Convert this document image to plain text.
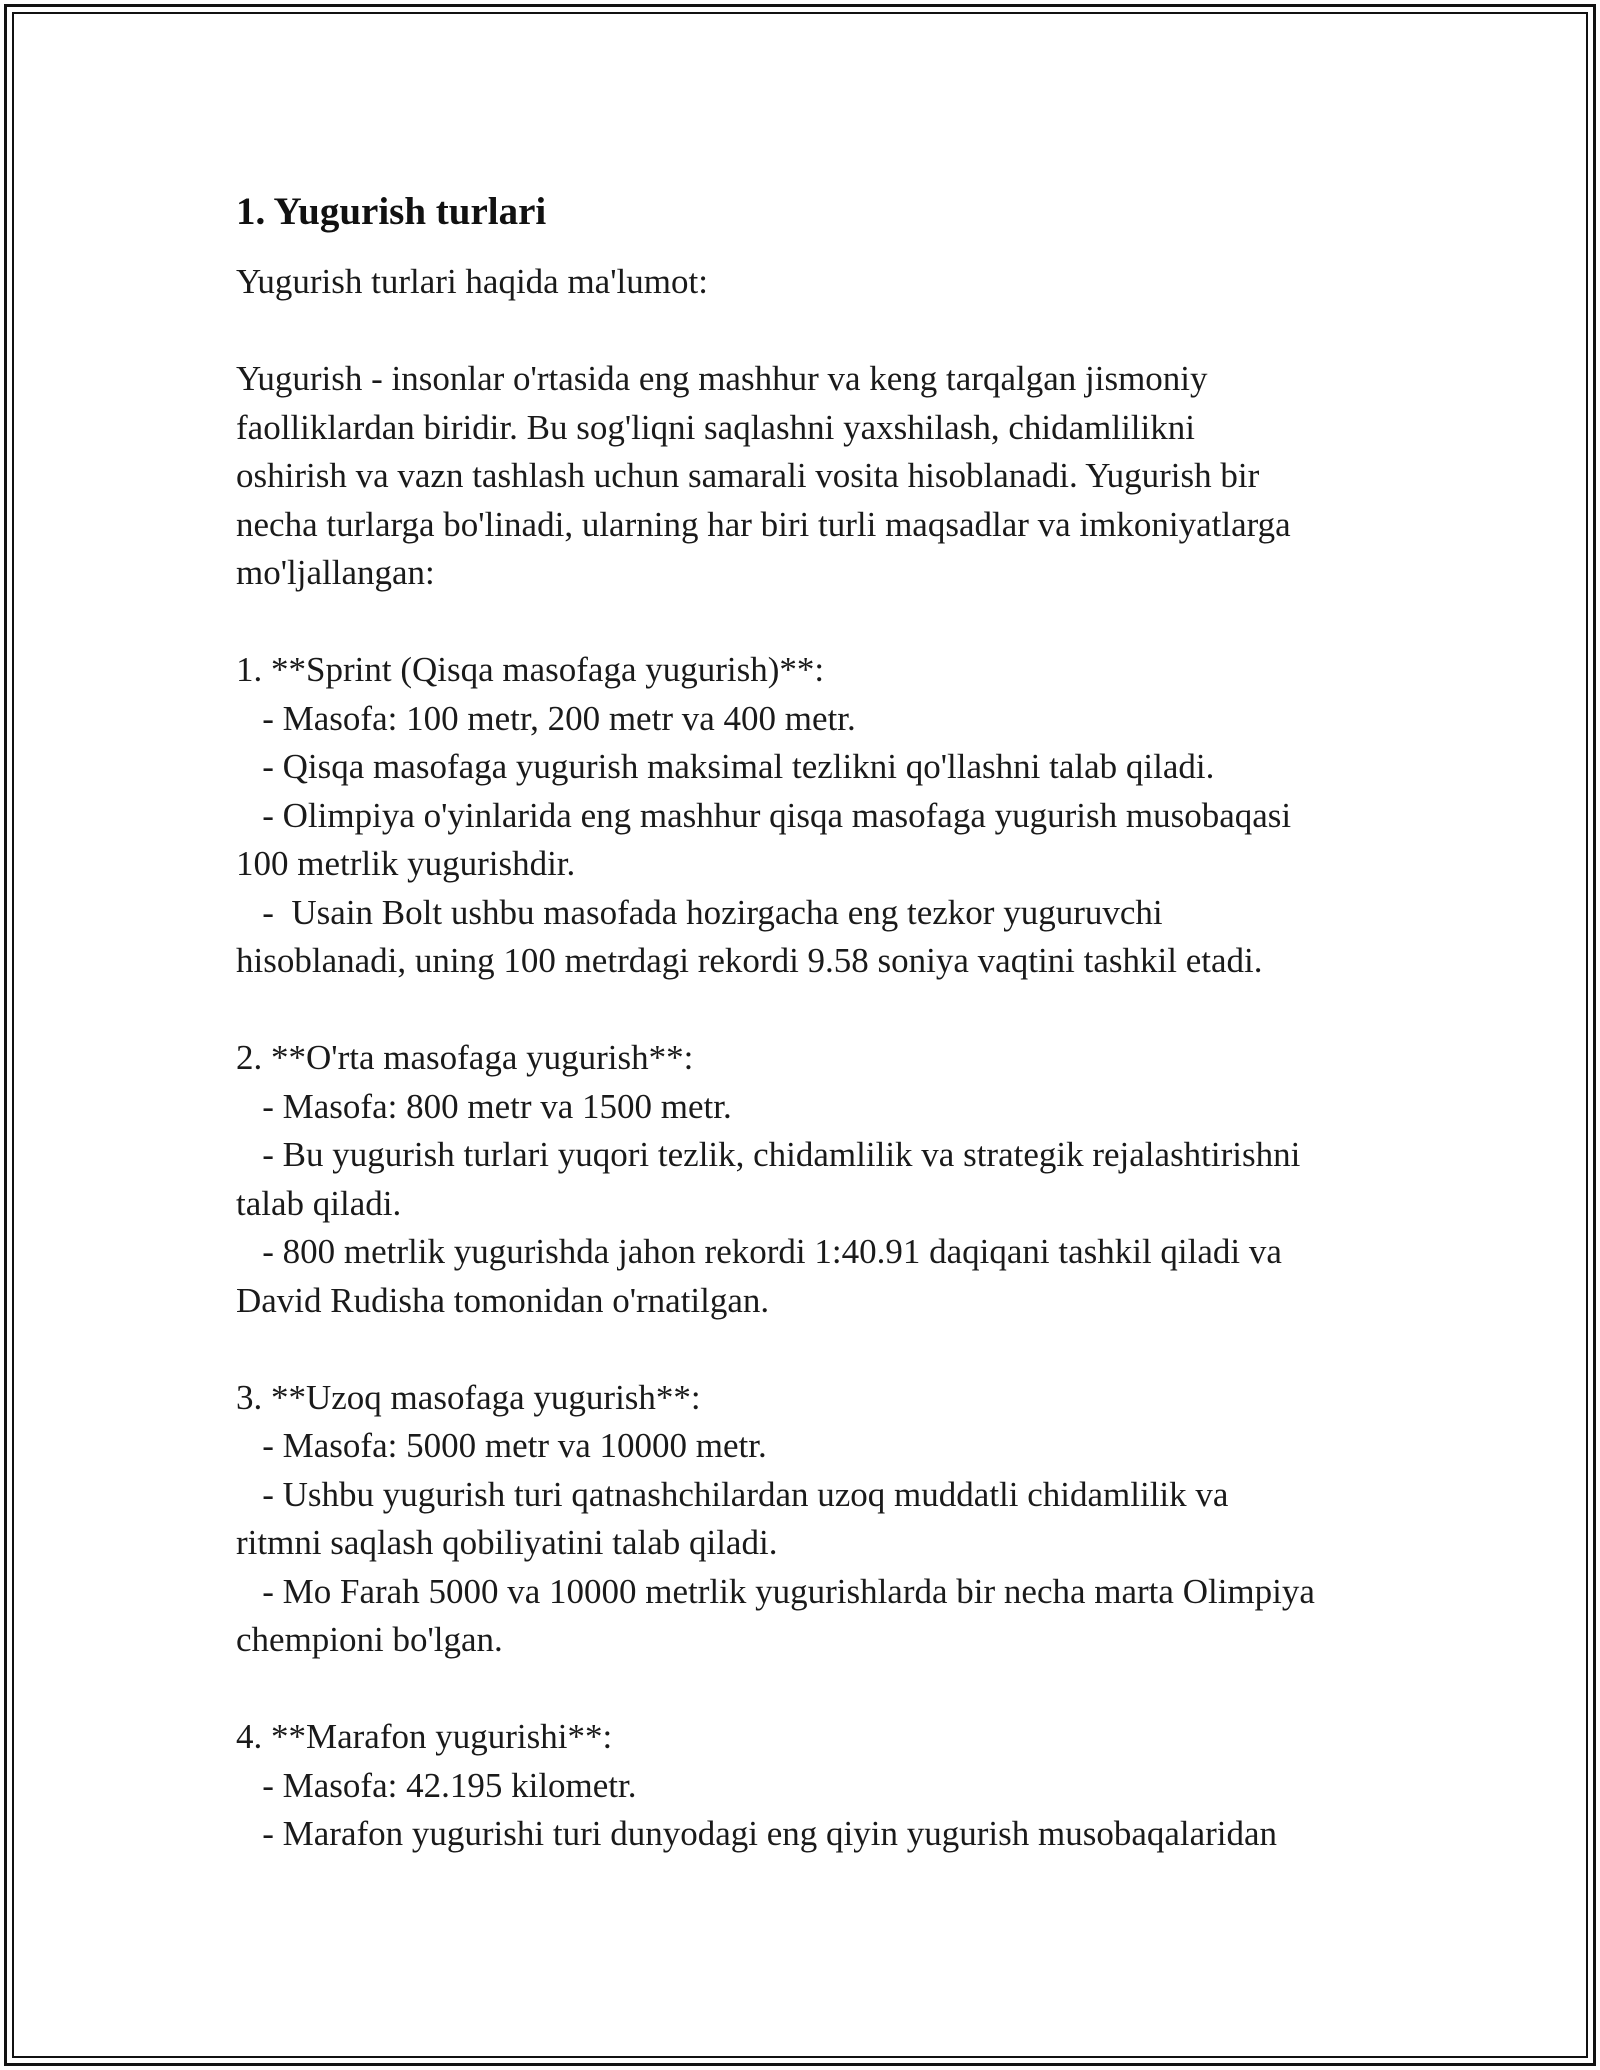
1. Yugurish turlari

Yugurish turlari haqida ma'lumot:

Yugurish - insonlar o'rtasida eng mashhur va keng tarqalgan jismoniy

faolliklardan biridir. Bu sog'liqni saqlashni yaxshilash, chidamlilikni

oshirish va vazn tashlash uchun samarali vosita hisoblanadi. Yugurish bir

necha turlarga bo'linadi, ularning har biri turli maqsadlar va imkoniyatlarga

mo'ljallangan:

1. **Sprint (Qisqa masofaga yugurish)**:

- Masofa: 100 metr, 200 metr va 400 metr.

- Qisqa masofaga yugurish maksimal tezlikni qo'llashni talab qiladi.

- Olimpiya o'yinlarida eng mashhur qisqa masofaga yugurish musobaqasi

100 metrlik yugurishdir.

-  Usain Bolt ushbu masofada hozirgacha eng tezkor yuguruvchi

hisoblanadi, uning 100 metrdagi rekordi 9.58 soniya vaqtini tashkil etadi.

2. **O'rta masofaga yugurish**:

- Masofa: 800 metr va 1500 metr.

- Bu yugurish turlari yuqori tezlik, chidamlilik va strategik rejalashtirishni

talab qiladi.

- 800 metrlik yugurishda jahon rekordi 1:40.91 daqiqani tashkil qiladi va

David Rudisha tomonidan o'rnatilgan.

3. **Uzoq masofaga yugurish**:

- Masofa: 5000 metr va 10000 metr.

- Ushbu yugurish turi qatnashchilardan uzoq muddatli chidamlilik va

ritmni saqlash qobiliyatini talab qiladi.

- Mo Farah 5000 va 10000 metrlik yugurishlarda bir necha marta Olimpiya

chempioni bo'lgan.

4. **Marafon yugurishi**:

- Masofa: 42.195 kilometr.

- Marafon yugurishi turi dunyodagi eng qiyin yugurish musobaqalaridan
